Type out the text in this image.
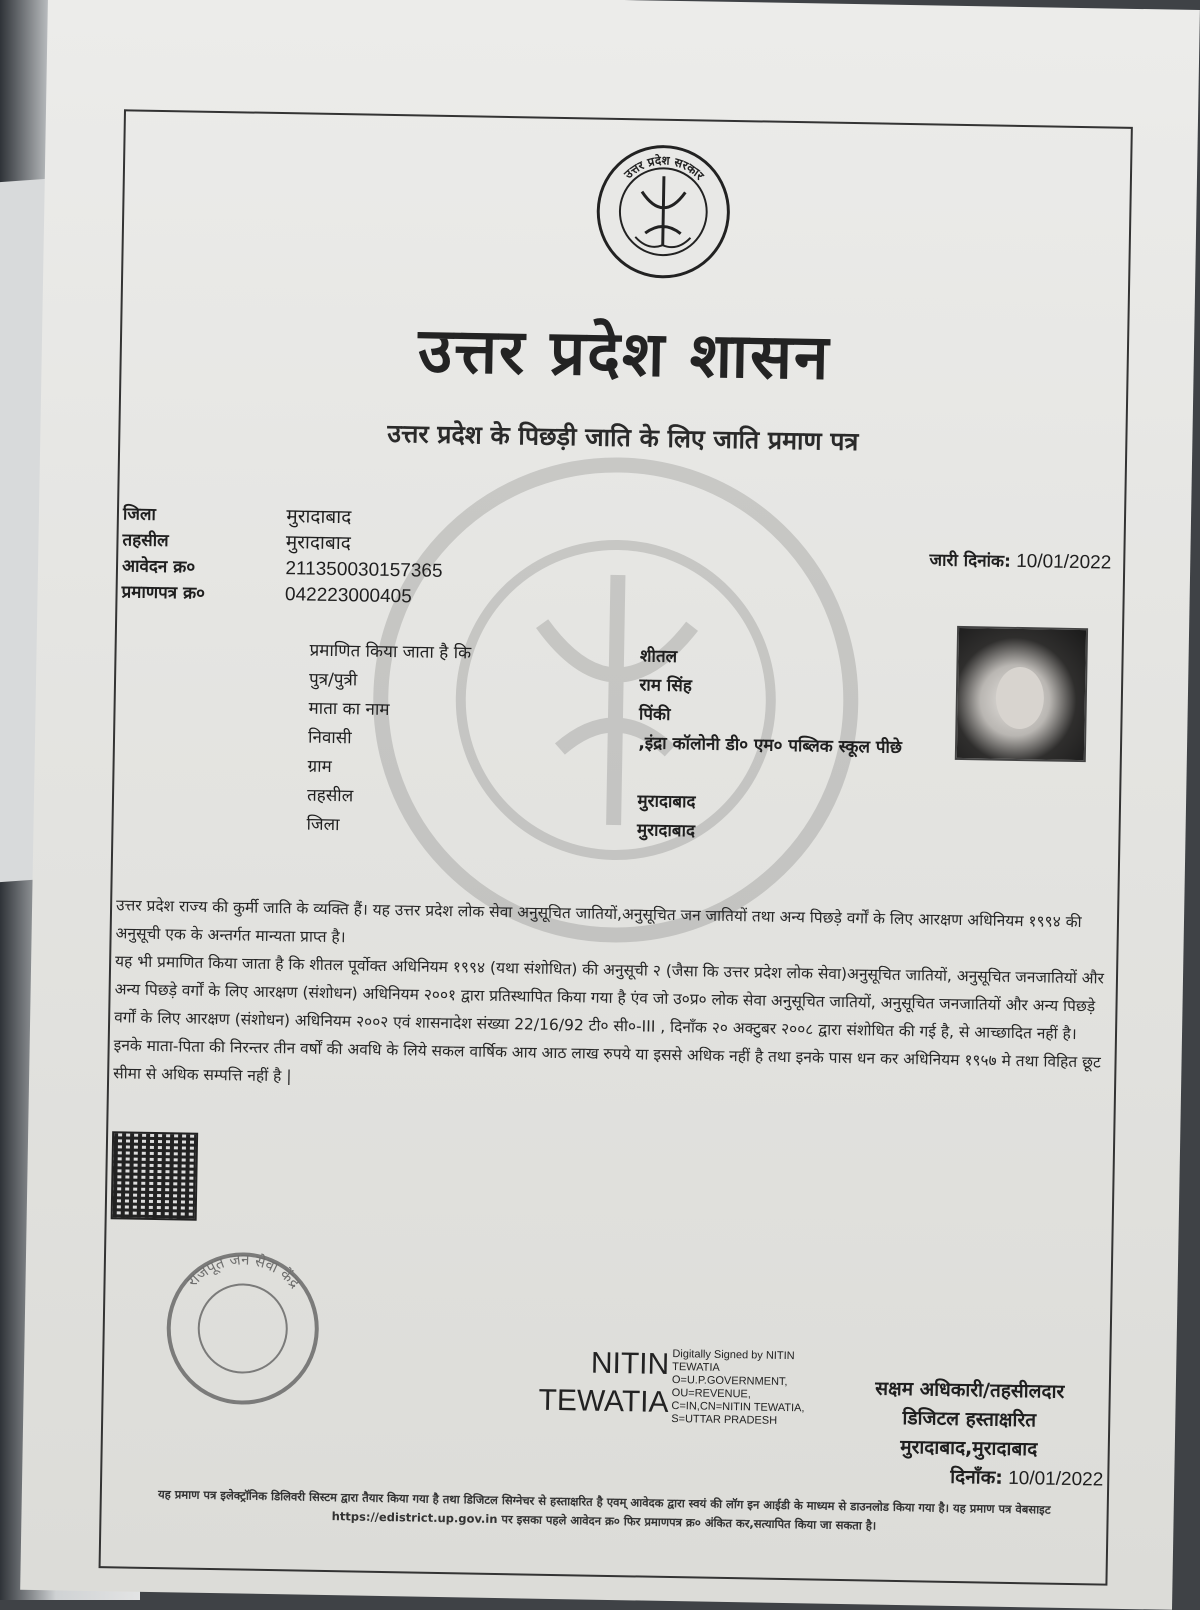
उत्तर प्रदेश सरकार
उत्तर प्रदेश शासन
उत्तर प्रदेश के पिछड़ी जाति के लिए जाति प्रमाण पत्र
जिला	मुरादाबाद
तहसील	मुरादाबाद
आवेदन क्र०	211350030157365
प्रमाणपत्र क्र०	042223000405
जारी दिनांक: 10/01/2022
प्रमाणित किया जाता है कि	शीतल
पुत्र/पुत्री	राम सिंह
माता का नाम	पिंकी
निवासी	,इंद्रा कॉलोनी डी० एम० पब्लिक स्कूल पीछे
ग्राम
तहसील	मुरादाबाद
जिला	मुरादाबाद

उत्तर प्रदेश राज्य की कुर्मी जाति के व्यक्ति हैं। यह उत्तर प्रदेश लोक सेवा अनुसूचित जातियों,अनुसूचित जन जातियों तथा अन्य पिछड़े वर्गों के लिए आरक्षण अधिनियम १९९४ की अनुसूची एक के अन्तर्गत मान्यता प्राप्त है।

यह भी प्रमाणित किया जाता है कि शीतल पूर्वोक्त अधिनियम १९९४ (यथा संशोधित) की अनुसूची २ (जैसा कि उत्तर प्रदेश लोक सेवा)अनुसूचित जातियों, अनुसूचित जनजातियों और अन्य पिछड़े वर्गों के लिए आरक्षण (संशोधन) अधिनियम २००१ द्वारा प्रतिस्थापित किया गया है एंव जो उ०प्र० लोक सेवा अनुसूचित जातियों, अनुसूचित जनजातियों और अन्य पिछड़े वर्गों के लिए आरक्षण (संशोधन) अधिनियम २००२ एवं शासनादेश संख्या 22/16/92 टी० सी०-III , दिनाँक २० अक्टुबर २००८ द्वारा संशोधित की गई है, से आच्छादित नहीं है।इनके माता-पिता की निरन्तर तीन वर्षों की अवधि के लिये सकल वार्षिक आय आठ लाख रुपये या इससे अधिक नहीं है तथा इनके पास धन कर अधिनियम १९५७ मे तथा विहित छूट सीमा से अधिक सम्पत्ति नहीं है |

राजपूत जन सेवा केंद्र
NITIN
TEWATIA
Digitally Signed by NITIN
TEWATIA
O=U.P.GOVERNMENT,
OU=REVENUE,
C=IN,CN=NITIN TEWATIA,
S=UTTAR PRADESH
सक्षम अधिकारी/तहसीलदार
डिजिटल हस्ताक्षरित
मुरादाबाद,मुरादाबाद
दिनाँक: 10/01/2022
यह प्रमाण पत्र इलेक्ट्रॉनिक डिलिवरी सिस्टम द्वारा तैयार किया गया है तथा डिजिटल सिग्नेचर से हस्ताक्षरित है एवम् आवेदक द्वारा स्वयं की लॉग इन आईडी के माध्यम से डाउनलोड किया गया है। यह प्रमाण पत्र वेबसाइट https://edistrict.up.gov.in पर इसका पहले आवेदन क्र० फिर प्रमाणपत्र क्र० अंकित कर,सत्यापित किया जा सकता है।
